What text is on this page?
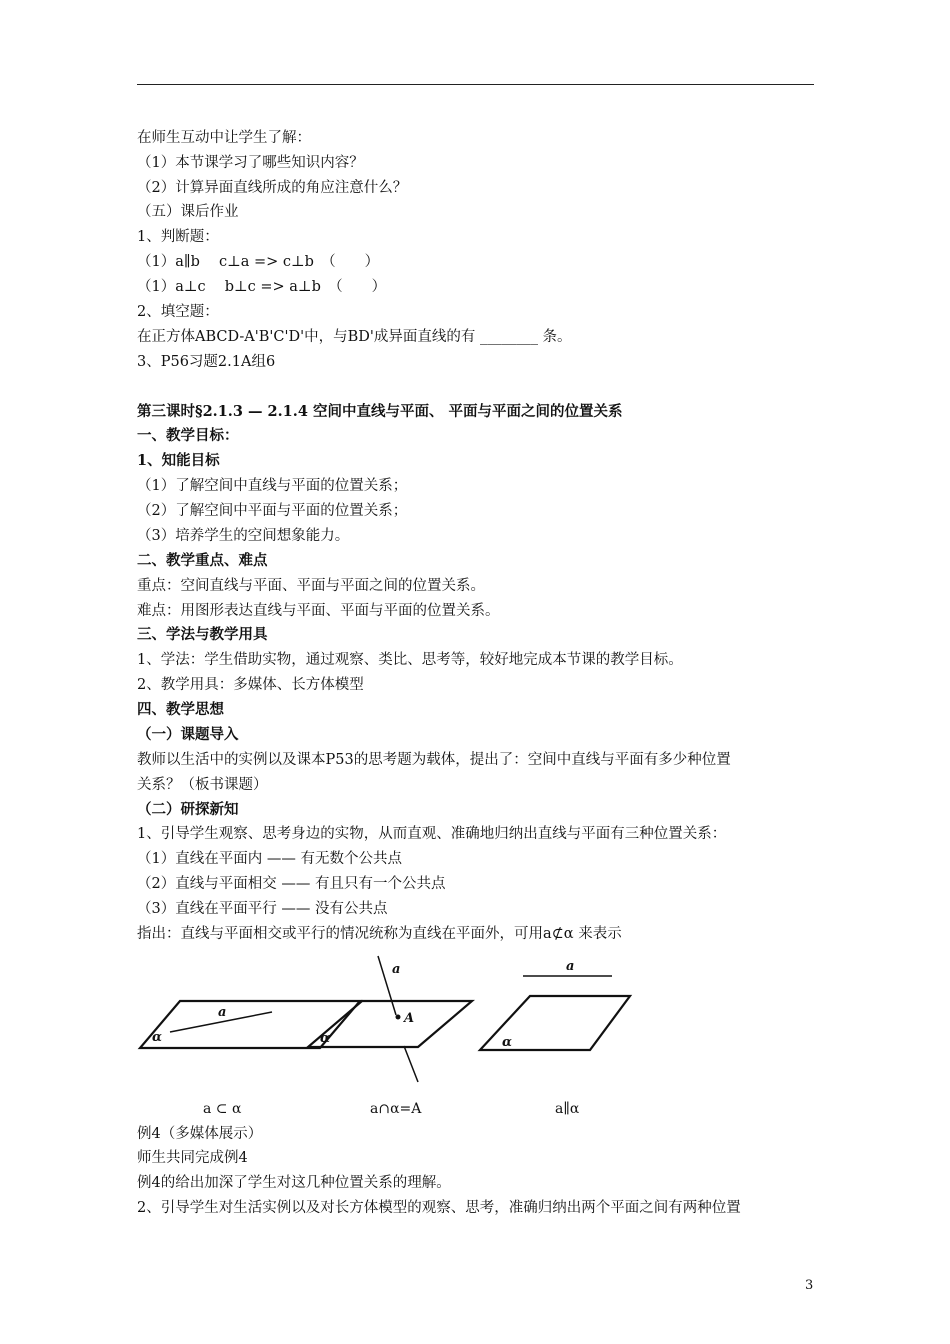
在师生互动中让学生了解：
（1）本节课学习了哪些知识内容？
（2）计算异面直线所成的角应注意什么？
（五）课后作业
1、判断题：
（1）a∥b　 c⊥a => c⊥b　（　　）
（1）a⊥c　 b⊥c => a⊥b　（　　）
2、填空题：
在正方体ABCD-A'B'C'D'中，与BD'成异面直线的有 ________ 条。
3、P56习题2.1A组6
第三课时§2.1.3 — 2.1.4 空间中直线与平面、 平面与平面之间的位置关系
一、教学目标：
1、知能目标
（1）了解空间中直线与平面的位置关系；
（2）了解空间中平面与平面的位置关系；
（3）培养学生的空间想象能力。
二、教学重点、难点
重点：空间直线与平面、平面与平面之间的位置关系。
难点：用图形表达直线与平面、平面与平面的位置关系。
三、学法与教学用具
1、学法：学生借助实物，通过观察、类比、思考等，较好地完成本节课的教学目标。
2、教学用具：多媒体、长方体模型
四、教学思想
（一）课题导入
教师以生活中的实例以及课本P53的思考题为载体，提出了：空间中直线与平面有多少种位置
关系？（板书课题）
（二）研探新知
1、引导学生观察、思考身边的实物，从而直观、准确地归纳出直线与平面有三种位置关系：
（1）直线在平面内 —— 有无数个公共点
（2）直线与平面相交 —— 有且只有一个公共点
（3）直线在平面平行 —— 没有公共点
指出：直线与平面相交或平行的情况统称为直线在平面外，可用a⊄α 来表示
a
α
a
A
α
a
α
a ⊂ α	a∩α=A	a∥α
例4（多媒体展示）
师生共同完成例4
例4的给出加深了学生对这几种位置关系的理解。
2、引导学生对生活实例以及对长方体模型的观察、思考，准确归纳出两个平面之间有两种位置
3
